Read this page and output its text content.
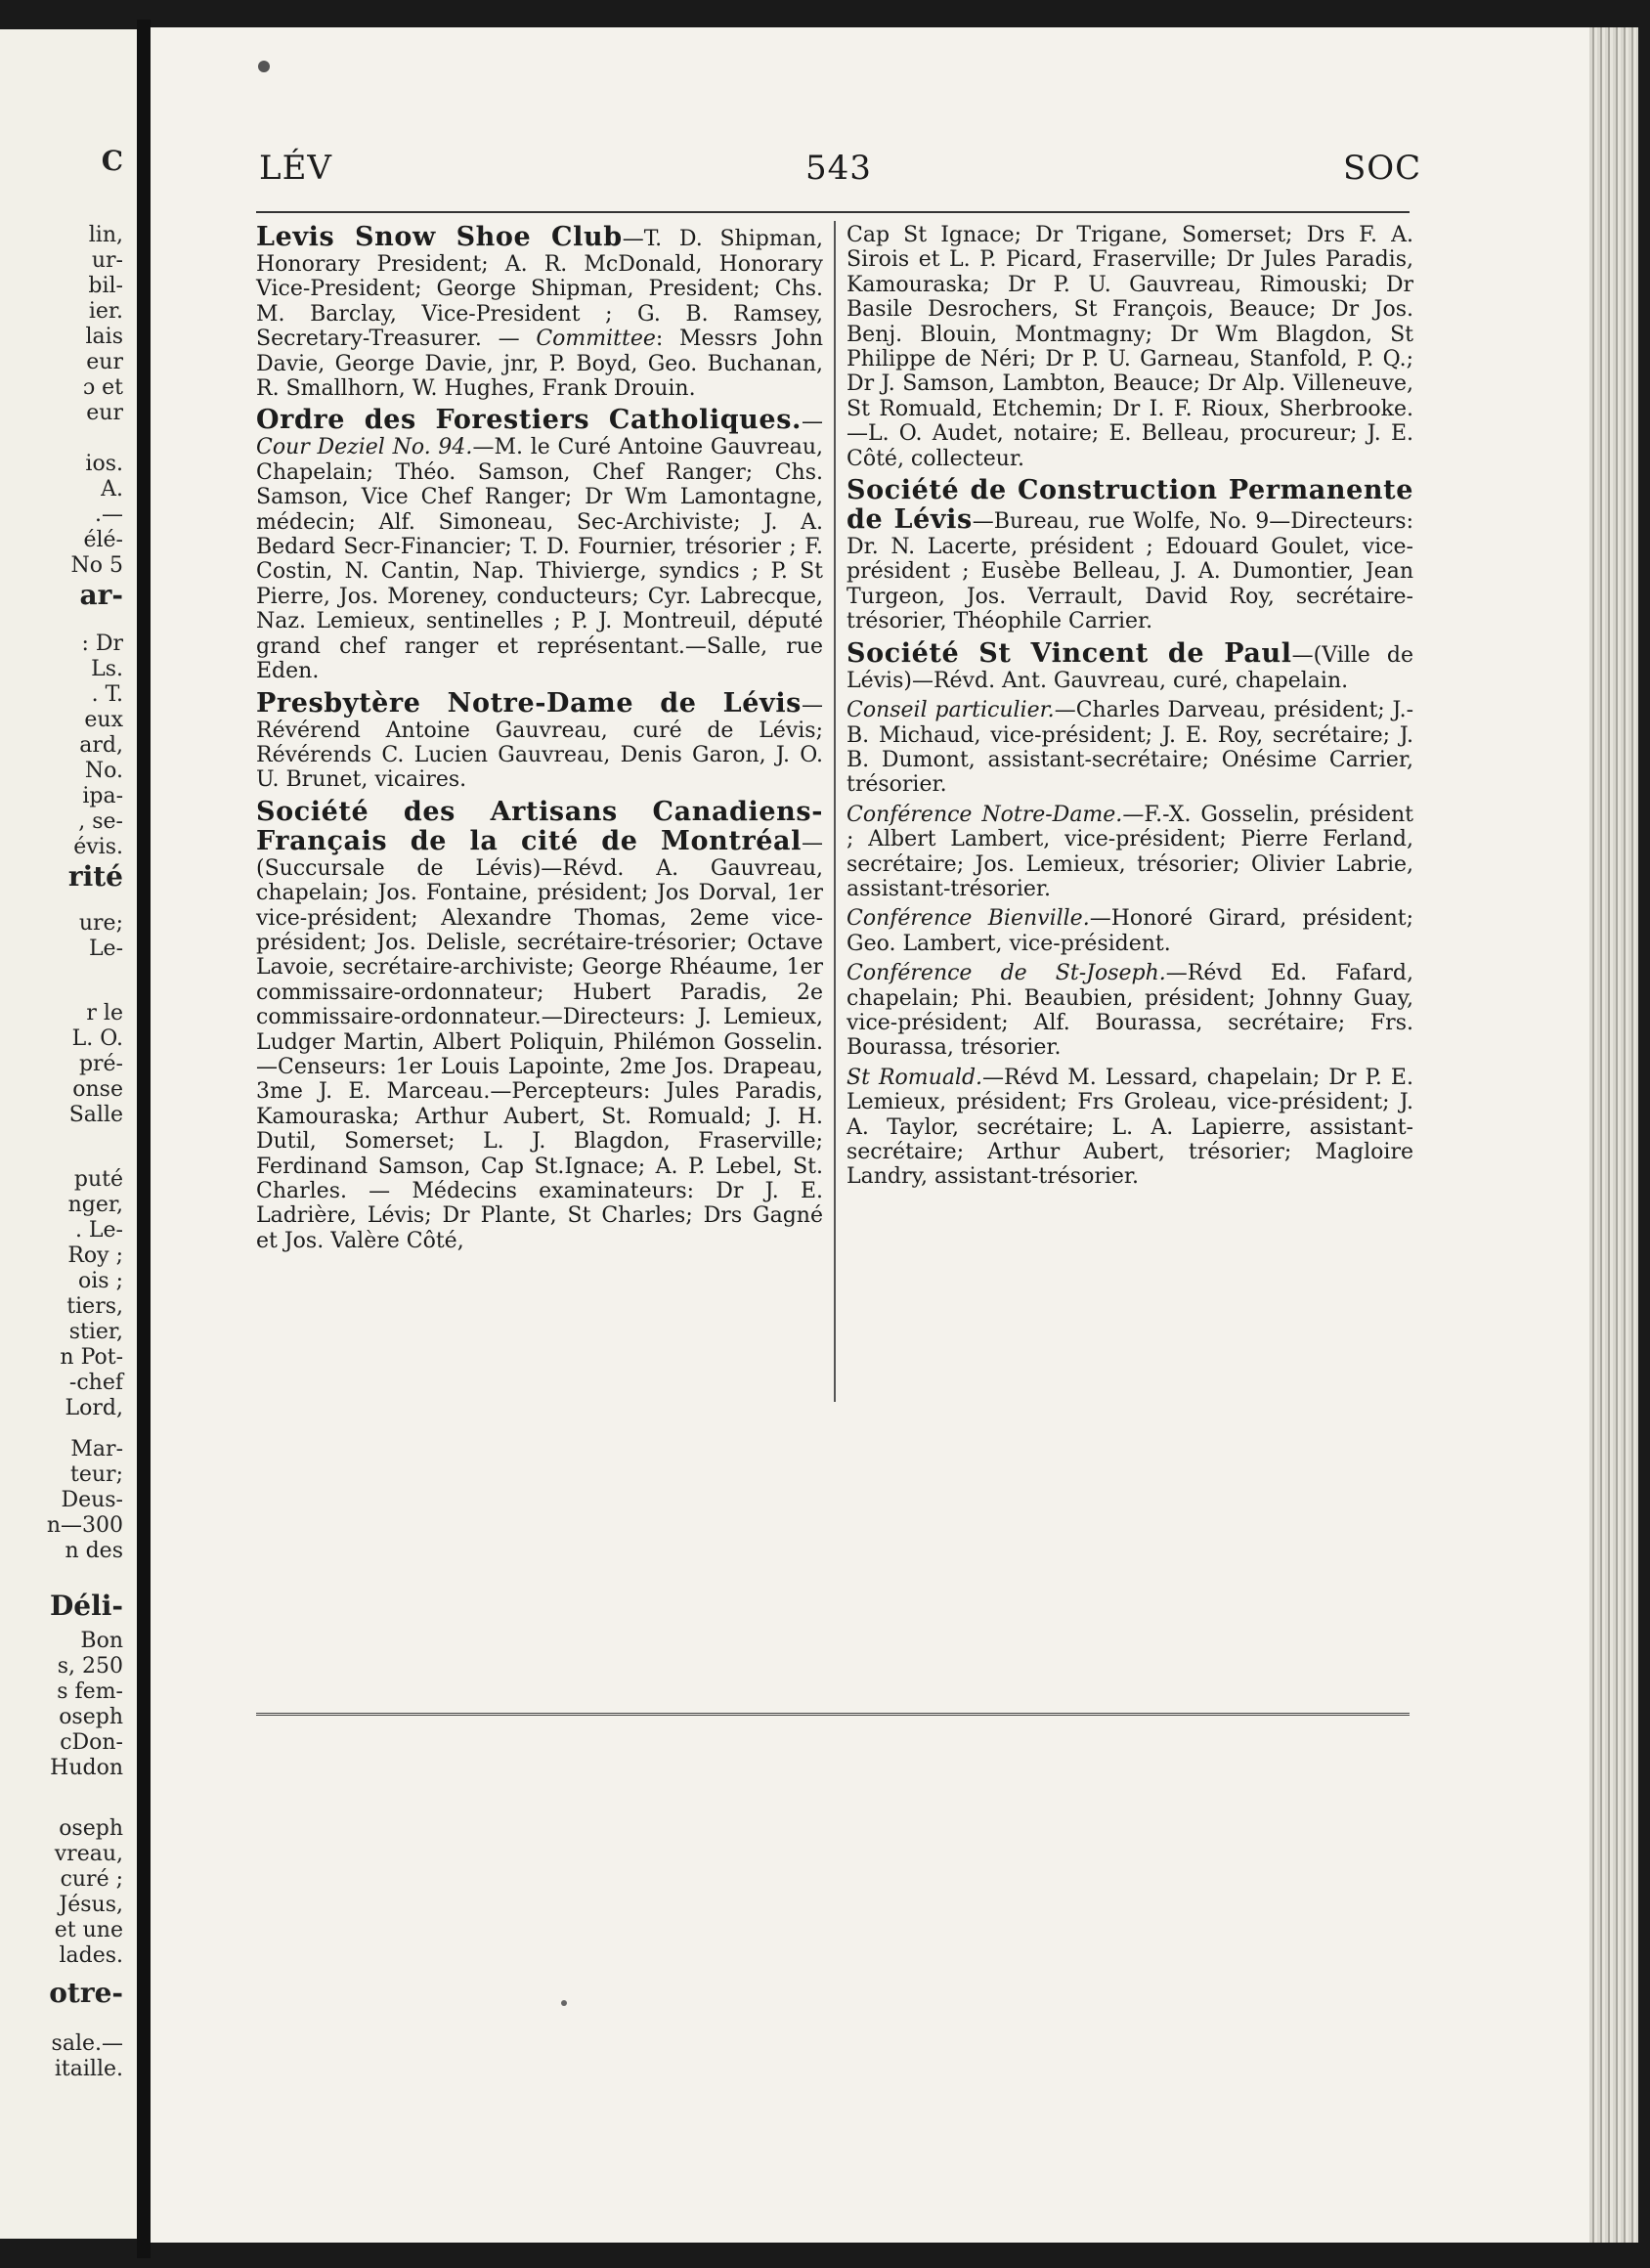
C
lin,
ur-
bil-
ier.
lais
eur
ɔ et
eur
ios.
A.
.—
élé-
No 5
ar-
: Dr
Ls.
. T.
eux
ard,
No.
ipa-
, se-
évis.
rité
ure;
Le-
r le
L. O.
pré-
onse
Salle
puté
nger,
. Le-
Roy ;
ois ;
tiers,
stier,
n Pot-
-chef
Lord,
Mar-
teur;
Deus-
n—300
n des
Déli-
Bon
s, 250
s fem-
oseph
cDon-
Hudon
oseph
vreau,
curé ;
Jésus,
et une
lades.
otre-
sale.—
itaille.
LÉV	543	SOC

Levis Snow Shoe Club—T. D. Shipman, Honorary President; A. R. McDonald, Honorary Vice-President; George Shipman, President; Chs. M. Barclay, Vice-President ; G. B. Ramsey, Secretary-Treasurer. — Committee: Messrs John Davie, George Davie, jnr, P. Boyd, Geo. Buchanan, R. Smallhorn, W. Hughes, Frank Drouin.

Ordre des Forestiers Catholiques.—Cour Deziel No. 94.—M. le Curé Antoine Gauvreau, Chapelain; Théo. Samson, Chef Ranger; Chs. Samson, Vice Chef Ranger; Dr Wm Lamontagne, médecin; Alf. Simoneau, Sec-Archiviste; J. A. Bedard Secr-Financier; T. D. Fournier, trésorier ; F. Costin, N. Cantin, Nap. Thivierge, syndics ; P. St Pierre, Jos. Moreney, conducteurs; Cyr. Labrecque, Naz. Lemieux, sentinelles ; P. J. Montreuil, député grand chef ranger et représentant.—Salle, rue Eden.

Presbytère Notre-Dame de Lévis—Révérend Antoine Gauvreau, curé de Lévis; Révérends C. Lucien Gauvreau, Denis Garon, J. O. U. Brunet, vicaires.

Société des Artisans Canadiens-Français de la cité de Montréal—(Succursale de Lévis)—Révd. A. Gauvreau, chapelain; Jos. Fontaine, président; Jos Dorval, 1er vice-président; Alexandre Thomas, 2eme vice-président; Jos. Delisle, secrétaire-trésorier; Octave Lavoie, secrétaire-archiviste; George Rhéaume, 1er commissaire-ordonnateur; Hubert Paradis, 2e commissaire-ordonnateur.—Directeurs: J. Lemieux, Ludger Martin, Albert Poliquin, Philémon Gosselin.—Censeurs: 1er Louis Lapointe, 2me Jos. Drapeau, 3me J. E. Marceau.—Percepteurs: Jules Paradis, Kamouraska; Arthur Aubert, St. Romuald; J. H. Dutil, Somerset; L. J. Blagdon, Fraserville; Ferdinand Samson, Cap St.Ignace; A. P. Lebel, St. Charles. — Médecins examinateurs: Dr J. E. Ladrière, Lévis; Dr Plante, St Charles; Drs Gagné et Jos. Valère Côté,

Cap St Ignace; Dr Trigane, Somerset; Drs F. A. Sirois et L. P. Picard, Fraserville; Dr Jules Paradis, Kamouraska; Dr P. U. Gauvreau, Rimouski; Dr Basile Desrochers, St François, Beauce; Dr Jos. Benj. Blouin, Montmagny; Dr Wm Blagdon, St Philippe de Néri; Dr P. U. Garneau, Stanfold, P. Q.; Dr J. Samson, Lambton, Beauce; Dr Alp. Villeneuve, St Romuald, Etchemin; Dr I. F. Rioux, Sherbrooke.—L. O. Audet, notaire; E. Belleau, procureur; J. E. Côté, collecteur.

Société de Construction Permanente de Lévis—Bureau, rue Wolfe, No. 9—Directeurs: Dr. N. Lacerte, président ; Edouard Goulet, vice-président ; Eusèbe Belleau, J. A. Dumontier, Jean Turgeon, Jos. Verrault, David Roy, secrétaire-trésorier, Théophile Carrier.

Société St Vincent de Paul—(Ville de Lévis)—Révd. Ant. Gauvreau, curé, chapelain.

Conseil particulier.—Charles Darveau, président; J.-B. Michaud, vice-président; J. E. Roy, secrétaire; J. B. Dumont, assistant-secrétaire; Onésime Carrier, trésorier.

Conférence Notre-Dame.—F.-X. Gosselin, président ; Albert Lambert, vice-président; Pierre Ferland, secrétaire; Jos. Lemieux, trésorier; Olivier Labrie, assistant-trésorier.

Conférence Bienville.—Honoré Girard, président; Geo. Lambert, vice-président.

Conférence de St-Joseph.—Révd Ed. Fafard, chapelain; Phi. Beaubien, président; Johnny Guay, vice-président; Alf. Bourassa, secrétaire; Frs. Bourassa, trésorier.

St Romuald.—Révd M. Lessard, chapelain; Dr P. E. Lemieux, président; Frs Groleau, vice-président; J. A. Taylor, secrétaire; L. A. Lapierre, assistant-secrétaire; Arthur Aubert, trésorier; Magloire Landry, assistant-trésorier.
